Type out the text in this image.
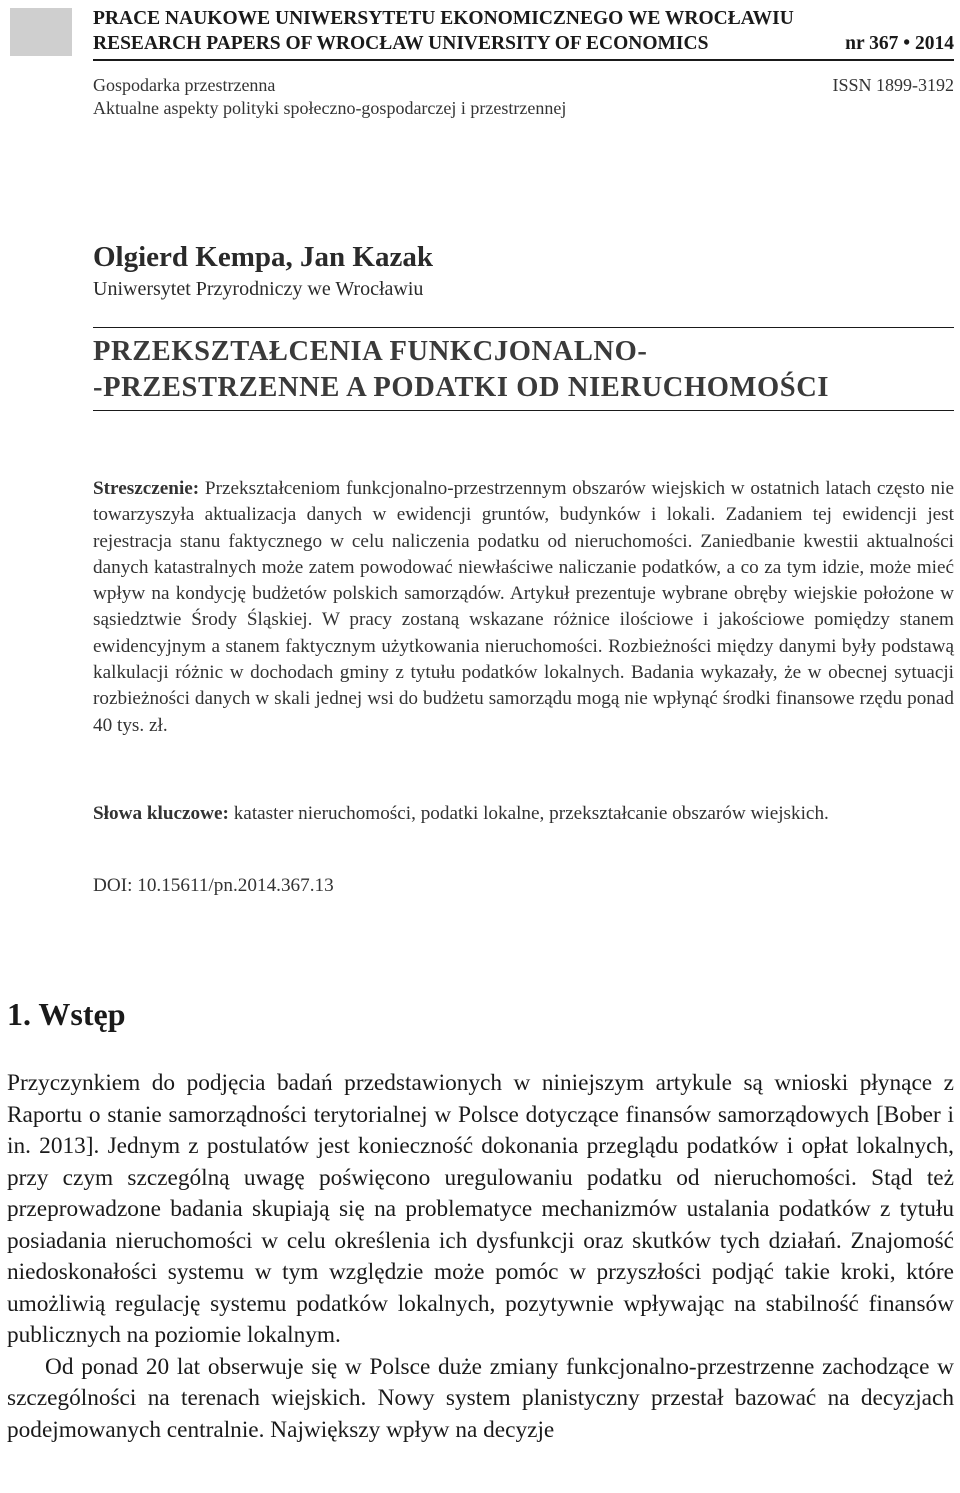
PRACE NAUKOWE UNIWERSYTETU EKONOMICZNEGO WE WROCŁAWIU
RESEARCH PAPERS OF WROCŁAW UNIVERSITY OF ECONOMICS	nr 367 • 2014
Gospodarka przestrzenna
Aktualne aspekty polityki społeczno-gospodarczej i przestrzennej
ISSN 1899-3192
Olgierd Kempa, Jan Kazak
Uniwersytet Przyrodniczy we Wrocławiu
PRZEKSZTAŁCENIA FUNKCJONALNO-
-PRZESTRZENNE A PODATKI OD NIERUCHOMOŚCI
Streszczenie: Przekształceniom funkcjonalno-przestrzennym obszarów wiejskich w ostatnich latach często nie towarzyszyła aktualizacja danych w ewidencji gruntów, budynków i lokali. Zadaniem tej ewidencji jest rejestracja stanu faktycznego w celu naliczenia podatku od nieruchomości. Zaniedbanie kwestii aktualności danych katastralnych może zatem powodować niewłaściwe naliczanie podatków, a co za tym idzie, może mieć wpływ na kondycję budżetów polskich samorządów. Artykuł prezentuje wybrane obręby wiejskie położone w sąsiedztwie Środy Śląskiej. W pracy zostaną wskazane różnice ilościowe i jakościowe pomiędzy stanem ewidencyjnym a stanem faktycznym użytkowania nieruchomości. Rozbieżności między danymi były podstawą kalkulacji różnic w dochodach gminy z tytułu podatków lokalnych. Badania wykazały, że w obecnej sytuacji rozbieżności danych w skali jednej wsi do budżetu samorządu mogą nie wpłynąć środki finansowe rzędu ponad 40 tys. zł.
Słowa kluczowe: kataster nieruchomości, podatki lokalne, przekształcanie obszarów wiejskich.
DOI: 10.15611/pn.2014.367.13
1. Wstęp

Przyczynkiem do podjęcia badań przedstawionych w niniejszym artykule są wnioski płynące z Raportu o stanie samorządności terytorialnej w Polsce dotyczące finansów samorządowych [Bober i in. 2013]. Jednym z postulatów jest konieczność dokonania przeglądu podatków i opłat lokalnych, przy czym szczególną uwagę poświęcono uregulowaniu podatku od nieruchomości. Stąd też przeprowadzone badania skupiają się na problematyce mechanizmów ustalania podatków z tytułu posiadania nieruchomości w celu określenia ich dysfunkcji oraz skutków tych działań. Znajomość niedoskonałości systemu w tym względzie może pomóc w przyszłości podjąć takie kroki, które umożliwią regulację systemu podatków lokalnych, pozytywnie wpływając na stabilność finansów publicznych na poziomie lokalnym.

Od ponad 20 lat obserwuje się w Polsce duże zmiany funkcjonalno-przestrzenne zachodzące w szczególności na terenach wiejskich. Nowy system planistyczny przestał bazować na decyzjach podejmowanych centralnie. Największy wpływ na decyzje
